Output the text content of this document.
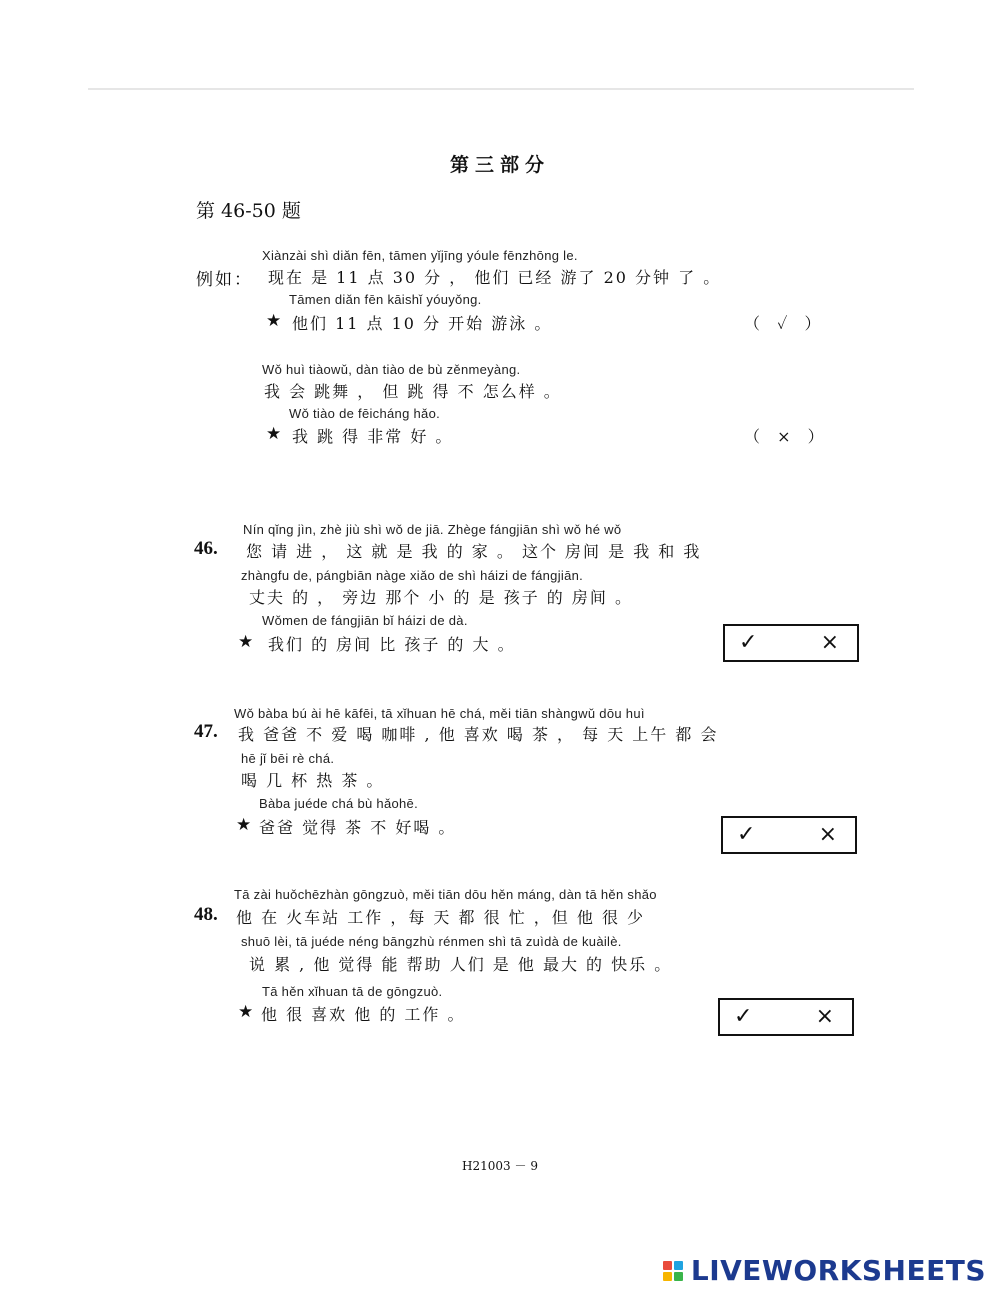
第三部分
第 46-50 题
Xiànzài shì diǎn fēn, tāmen yǐjīng yóule fēnzhōng le.
例如： 现在 是 11 点 30 分 ， 他们 已经 游了 20 分钟 了 。
Tāmen diǎn fēn kāishǐ yóuyǒng.
★ 他们 11 点 10 分 开始 游泳 。	（ ✓ ）
Wǒ huì tiàowǔ, dàn tiào de bù zěnmeyàng.
我 会 跳舞 ， 但 跳 得 不 怎么样 。
Wǒ tiào de fēicháng hǎo.
★ 我 跳 得 非常 好 。	（ × ）
Nín qǐng jìn, zhè jiù shì wǒ de jiā. Zhège fángjiān shì wǒ hé wǒ
46. 您 请 进 ， 这 就 是 我 的 家 。 这个 房间 是 我 和 我
zhàngfu de, pángbiān nàge xiǎo de shì háizi de fángjiān.
丈夫 的 ， 旁边 那个 小 的 是 孩子 的 房间 。
Wǒmen de fángjiān bǐ háizi de dà.
★ 我们 的 房间 比 孩子 的 大 。	✓	×
Wǒ bàba bú ài hē kāfēi, tā xǐhuan hē chá, měi tiān shàngwǔ dōu huì
47. 我 爸爸 不 爱 喝 咖啡 , 他 喜欢 喝 茶 ， 每 天 上午 都 会
hē jǐ bēi rè chá.
喝 几 杯 热 茶 。
Bàba juéde chá bù hǎohē.
★ 爸爸 觉得 茶 不 好喝 。	✓	×
Tā zài huǒchēzhàn gōngzuò, měi tiān dōu hěn máng, dàn tā hěn shǎo
48. 他 在 火车站 工作 ，每 天 都 很 忙 ，但 他 很 少
shuō lèi, tā juéde néng bāngzhù rénmen shì tā zuìdà de kuàilè.
说 累 , 他 觉得 能 帮助 人们 是 他 最大 的 快乐 。
Tā hěn xǐhuan tā de gōngzuò.
★ 他 很 喜欢 他 的 工作 。	✓	×
H21003 － 9
LIVEWORKSHEETS
